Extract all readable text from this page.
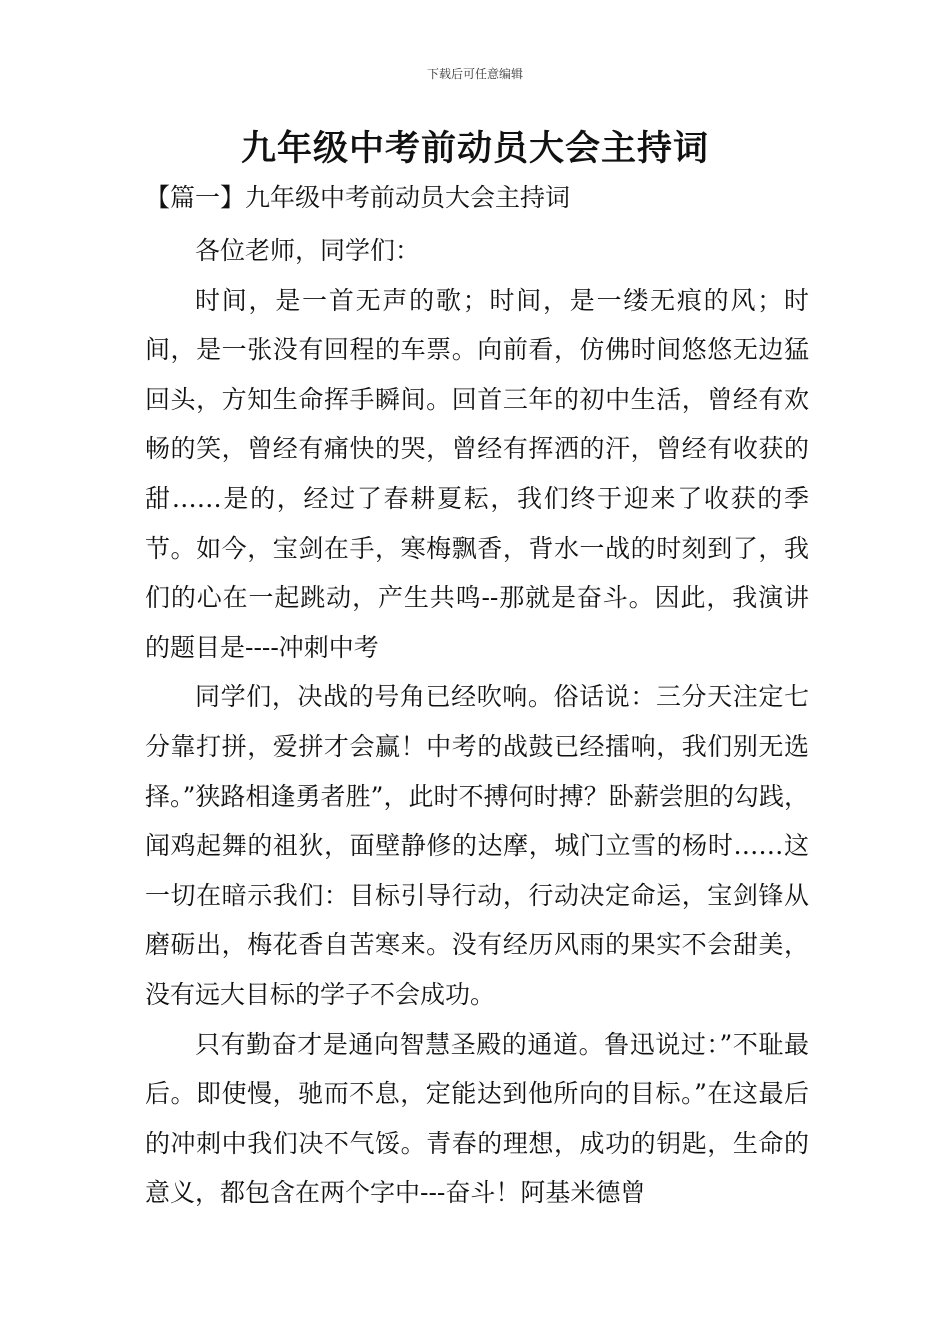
下载后可任意编辑
九年级中考前动员大会主持词
【篇一】九年级中考前动员大会主持词

各位老师，同学们：

时间，是一首无声的歌；时间，是一缕无痕的风；时间，是一张没有回程的车票。向前看，仿佛时间悠悠无边猛回头，方知生命挥手瞬间。回首三年的初中生活，曾经有欢畅的笑，曾经有痛快的哭，曾经有挥洒的汗，曾经有收获的甜……是的，经过了春耕夏耘，我们终于迎来了收获的季节。如今，宝剑在手，寒梅飘香，背水一战的时刻到了，我们的心在一起跳动，产生共鸣--那就是奋斗。因此，我演讲的题目是----冲刺中考

同学们，决战的号角已经吹响。俗话说：三分天注定七分靠打拼，爱拼才会赢！中考的战鼓已经擂响，我们别无选择。”狭路相逢勇者胜”，此时不搏何时搏？卧薪尝胆的勾践，闻鸡起舞的祖狄，面壁静修的达摩，城门立雪的杨时……这一切在暗示我们：目标引导行动，行动决定命运，宝剑锋从磨砺出，梅花香自苦寒来。没有经历风雨的果实不会甜美，没有远大目标的学子不会成功。

只有勤奋才是通向智慧圣殿的通道。鲁迅说过：”不耻最后。即使慢，驰而不息，定能达到他所向的目标。”在这最后的冲刺中我们决不气馁。青春的理想，成功的钥匙，生命的意义，都包含在两个字中---奋斗！阿基米德曾
